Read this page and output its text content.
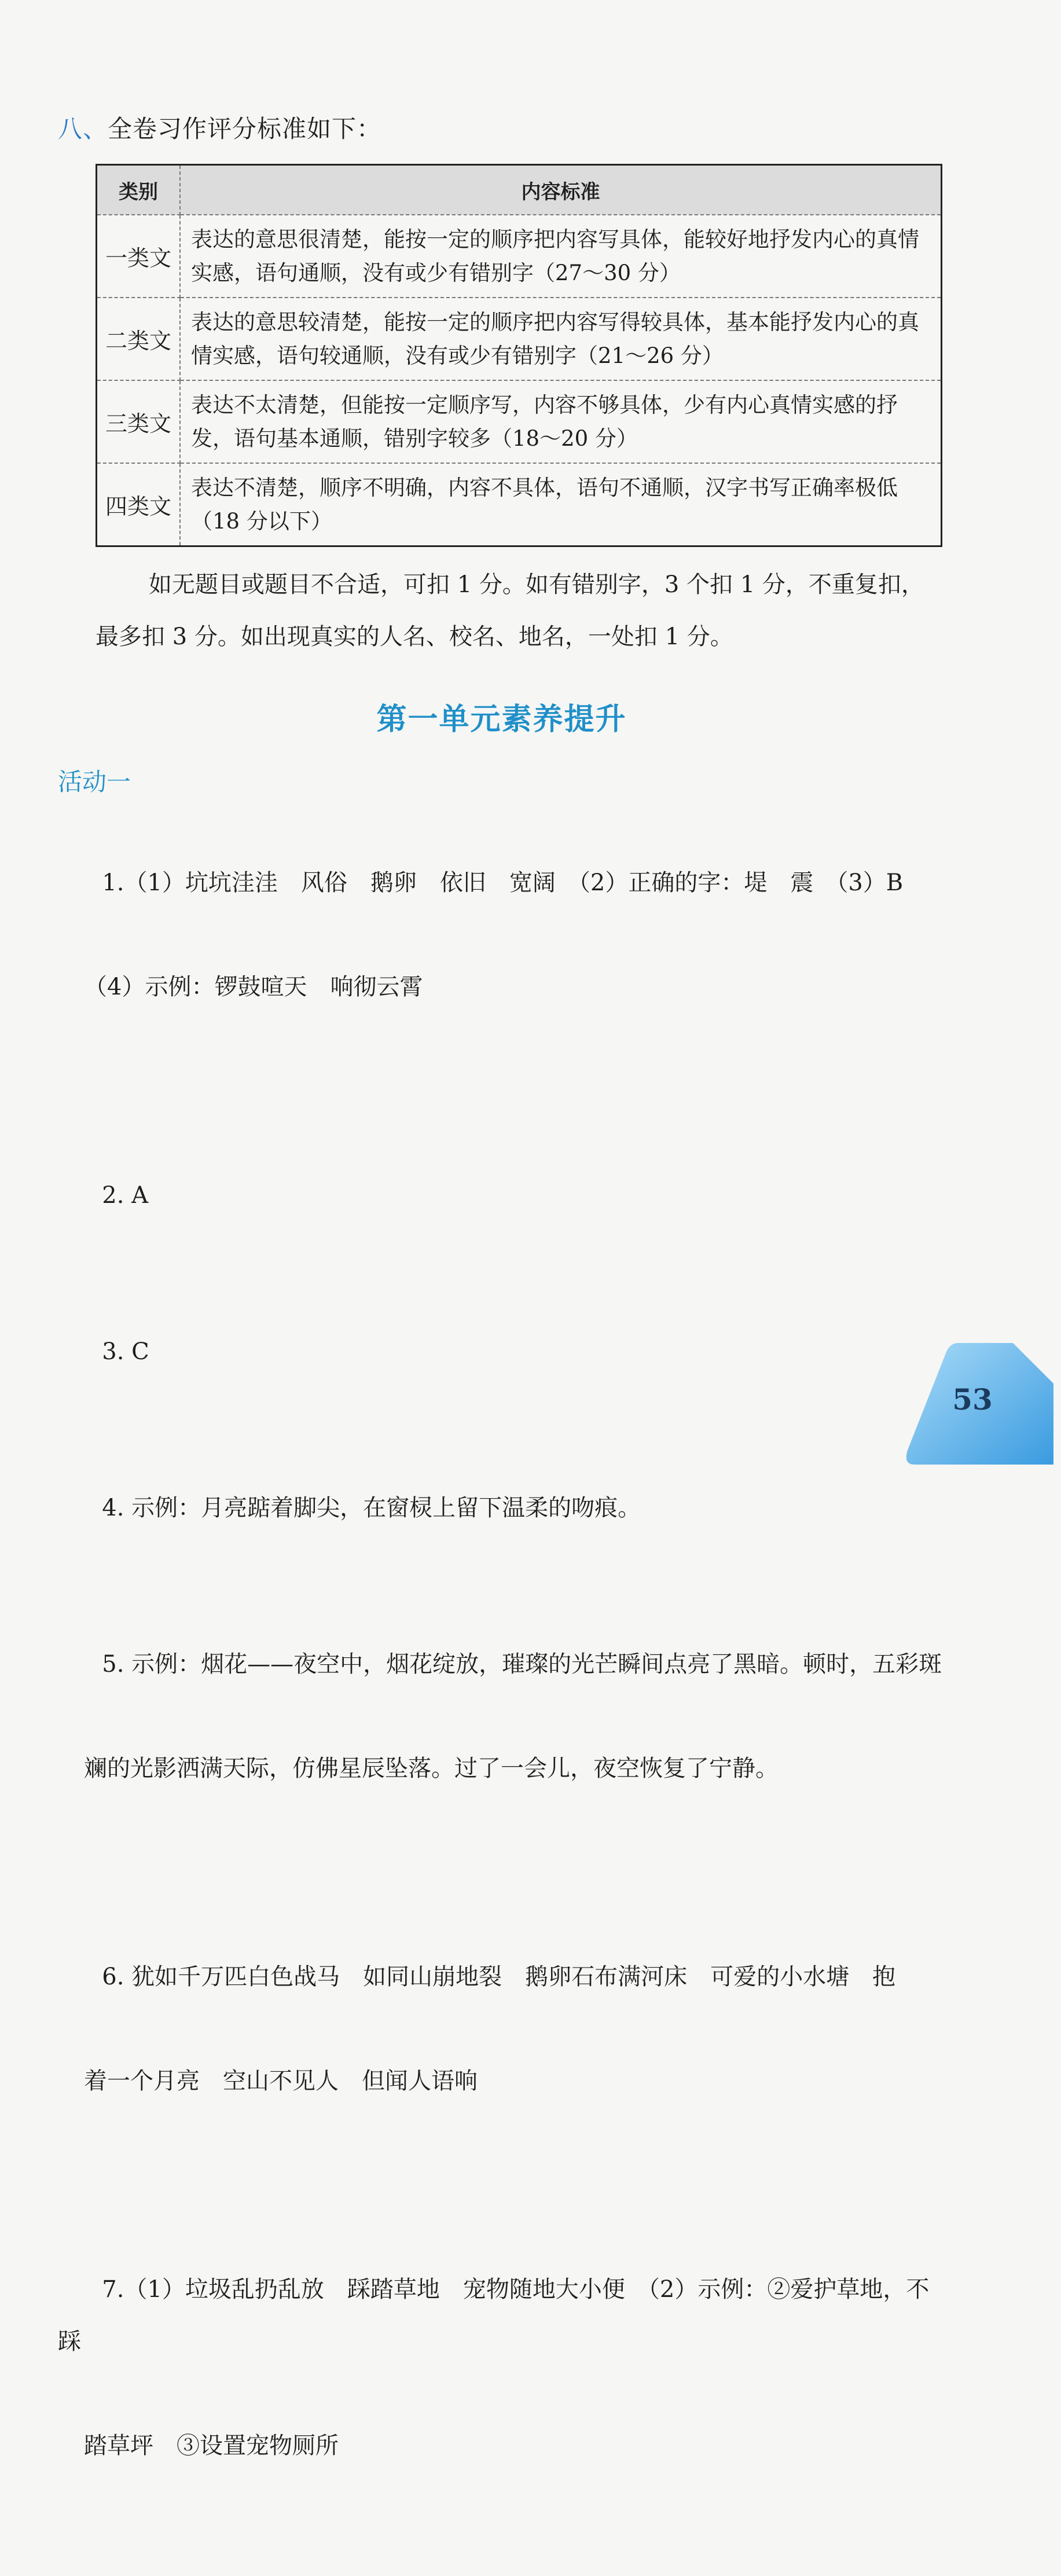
八、全卷习作评分标准如下：
类别	内容标准
一类文	表达的意思很清楚，能按一定的顺序把内容写具体，能较好地抒发内心的真情实感，语句通顺，没有或少有错别字（27～30 分）
二类文	表达的意思较清楚，能按一定的顺序把内容写得较具体，基本能抒发内心的真情实感，语句较通顺，没有或少有错别字（21～26 分）
三类文	表达不太清楚，但能按一定顺序写，内容不够具体，少有内心真情实感的抒发，语句基本通顺，错别字较多（18～20 分）
四类文	表达不清楚，顺序不明确，内容不具体，语句不通顺，汉字书写正确率极低（18 分以下）
如无题目或题目不合适，可扣 1 分。如有错别字，3 个扣 1 分，不重复扣，最多扣 3 分。如出现真实的人名、校名、地名，一处扣 1 分。
第一单元素养提升
活动一

1.（1）坑坑洼洼　风俗　鹅卵　依旧　宽阔　（2）正确的字：堤　震　（3）B

（4）示例：锣鼓喧天　响彻云霄

2. A

3. C

4. 示例：月亮踮着脚尖，在窗棂上留下温柔的吻痕。

5. 示例：烟花——夜空中，烟花绽放，璀璨的光芒瞬间点亮了黑暗。顿时，五彩斑

斓的光影洒满天际，仿佛星辰坠落。过了一会儿，夜空恢复了宁静。

6. 犹如千万匹白色战马　如同山崩地裂　鹅卵石布满河床　可爱的小水塘　抱

着一个月亮　空山不见人　但闻人语响

7.（1）垃圾乱扔乱放　踩踏草地　宠物随地大小便　（2）示例：②爱护草地，不踩

踏草坪　③设置宠物厕所

53
